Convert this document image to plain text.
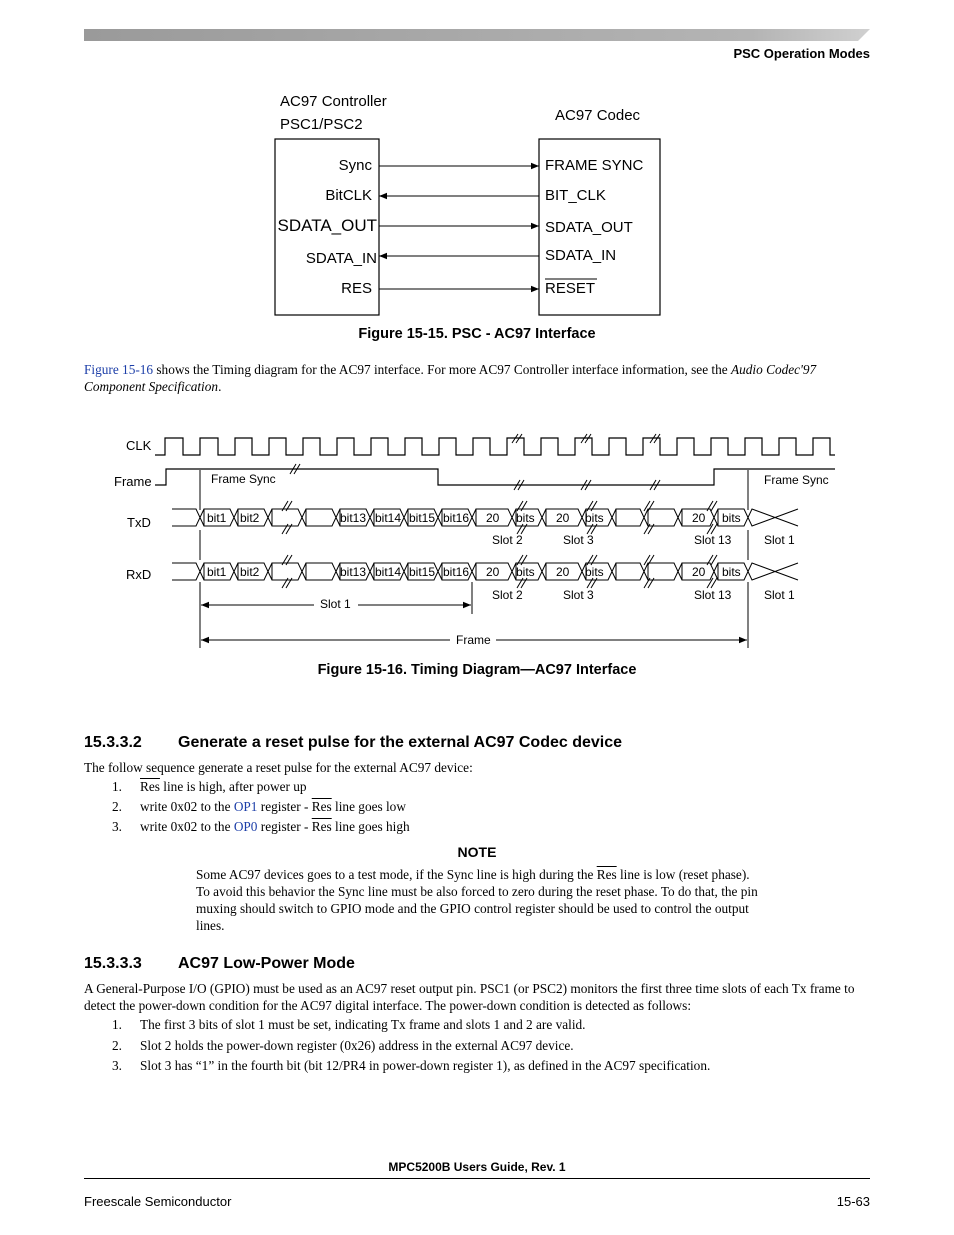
PSC Operation Modes
AC97 Controller
PSC1/PSC2
AC97 Codec
Sync
BitCLK
SDATA_OUT
SDATA_IN
RES
FRAME SYNC
BIT_CLK
SDATA_OUT
SDATA_IN
RESET
Figure 15-15. PSC - AC97 Interface
Figure 15-16 shows the Timing diagram for the AC97 interface. For more AC97 Controller interface information, see the Audio Codec'97 Component Specification.
CLK
Frame
TxD
RxD
Frame Sync	Frame Sync
bit1 bit2	bit13 bit14 bit15 bit16 20 bits 20 bits	20 bits
Slot 2	Slot 3	Slot 13	Slot 1
bit1 bit2	bit13 bit14 bit15 bit16 20 bits 20 bits	20 bits
Slot 2	Slot 3	Slot 13	Slot 1
Slot 1
Frame
Figure 15-16. Timing Diagram—AC97 Interface
15.3.3.2 Generate a reset pulse for the external AC97 Codec device
The follow sequence generate a reset pulse for the external AC97 device:
1. $\overline{Res}$ line is high, after power up
2. write 0x02 to the OP1 register - $\overline{Res}$ line goes low
3. write 0x02 to the OP0 register - $\overline{Res}$ line goes high
NOTE
Some AC97 devices goes to a test mode, if the Sync line is high during the $\overline{Res}$ line is low (reset phase). To avoid this behavior the Sync line must be also forced to zero during the reset phase. To do that, the pin muxing should switch to GPIO mode and the GPIO control register should be used to control the output lines.
15.3.3.3 AC97 Low-Power Mode
A General-Purpose I/O (GPIO) must be used as an AC97 reset output pin. PSC1 (or PSC2) monitors the first three time slots of each Tx frame to detect the power-down condition for the AC97 digital interface. The power-down condition is detected as follows:
1. The first 3 bits of slot 1 must be set, indicating Tx frame and slots 1 and 2 are valid.
2. Slot 2 holds the power-down register (0x26) address in the external AC97 device.
3. Slot 3 has “1” in the fourth bit (bit 12/PR4 in power-down register 1), as defined in the AC97 specification.
MPC5200B Users Guide, Rev. 1
Freescale Semiconductor	15-63
